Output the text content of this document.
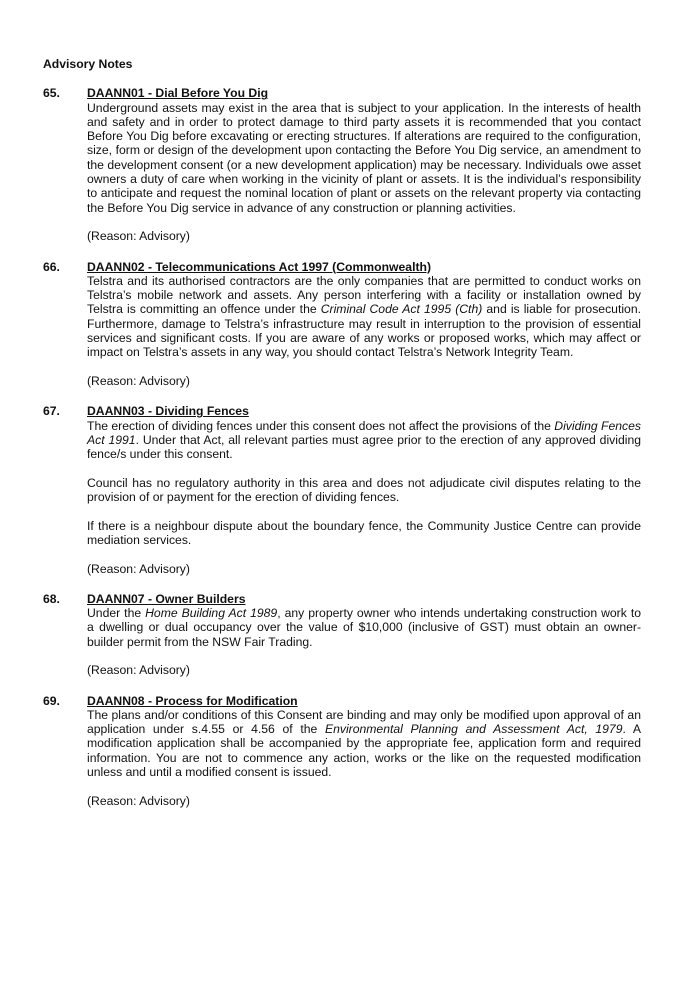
Advisory Notes
65. DAANN01 - Dial Before You Dig

Underground assets may exist in the area that is subject to your application. In the interests of health and safety and in order to protect damage to third party assets it is recommended that you contact Before You Dig before excavating or erecting structures. If alterations are required to the configuration, size, form or design of the development upon contacting the Before You Dig service, an amendment to the development consent (or a new development application) may be necessary. Individuals owe asset owners a duty of care when working in the vicinity of plant or assets. It is the individual’s responsibility to anticipate and request the nominal location of plant or assets on the relevant property via contacting the Before You Dig service in advance of any construction or planning activities.

(Reason: Advisory)
66. DAANN02 - Telecommunications Act 1997 (Commonwealth)

Telstra and its authorised contractors are the only companies that are permitted to conduct works on Telstra’s mobile network and assets. Any person interfering with a facility or installation owned by Telstra is committing an offence under the Criminal Code Act 1995 (Cth) and is liable for prosecution. Furthermore, damage to Telstra’s infrastructure may result in interruption to the provision of essential services and significant costs. If you are aware of any works or proposed works, which may affect or impact on Telstra’s assets in any way, you should contact Telstra’s Network Integrity Team.

(Reason: Advisory)
67. DAANN03 - Dividing Fences

The erection of dividing fences under this consent does not affect the provisions of the Dividing Fences Act 1991. Under that Act, all relevant parties must agree prior to the erection of any approved dividing fence/s under this consent.

Council has no regulatory authority in this area and does not adjudicate civil disputes relating to the provision of or payment for the erection of dividing fences.

If there is a neighbour dispute about the boundary fence, the Community Justice Centre can provide mediation services.

(Reason: Advisory)
68. DAANN07 - Owner Builders

Under the Home Building Act 1989, any property owner who intends undertaking construction work to a dwelling or dual occupancy over the value of $10,000 (inclusive of GST) must obtain an owner-builder permit from the NSW Fair Trading.

(Reason: Advisory)
69. DAANN08 - Process for Modification

The plans and/or conditions of this Consent are binding and may only be modified upon approval of an application under s.4.55 or 4.56 of the Environmental Planning and Assessment Act, 1979. A modification application shall be accompanied by the appropriate fee, application form and required information. You are not to commence any action, works or the like on the requested modification unless and until a modified consent is issued.

(Reason: Advisory)
